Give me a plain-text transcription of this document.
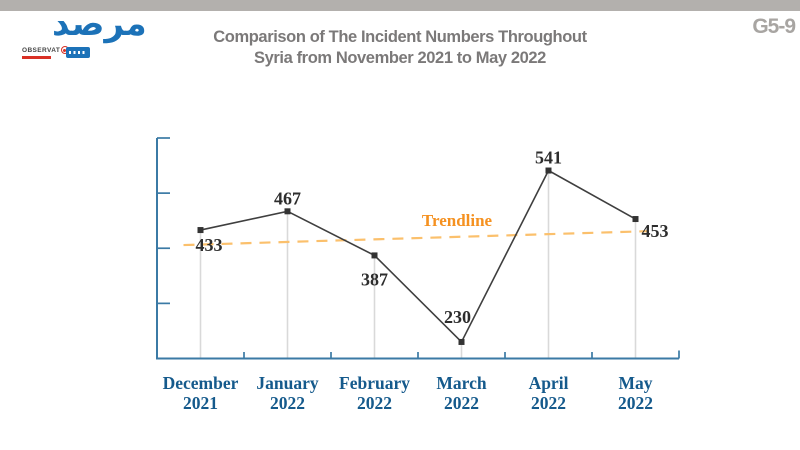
مرصد
OBSERVAT
Comparison of The Incident Numbers Throughout
Syria from November 2021 to May 2022
G5-9
433
467
387
230
541
453
Trendline
December
2021
January
2022
February
2022
March
2022
April
2022
May
2022
